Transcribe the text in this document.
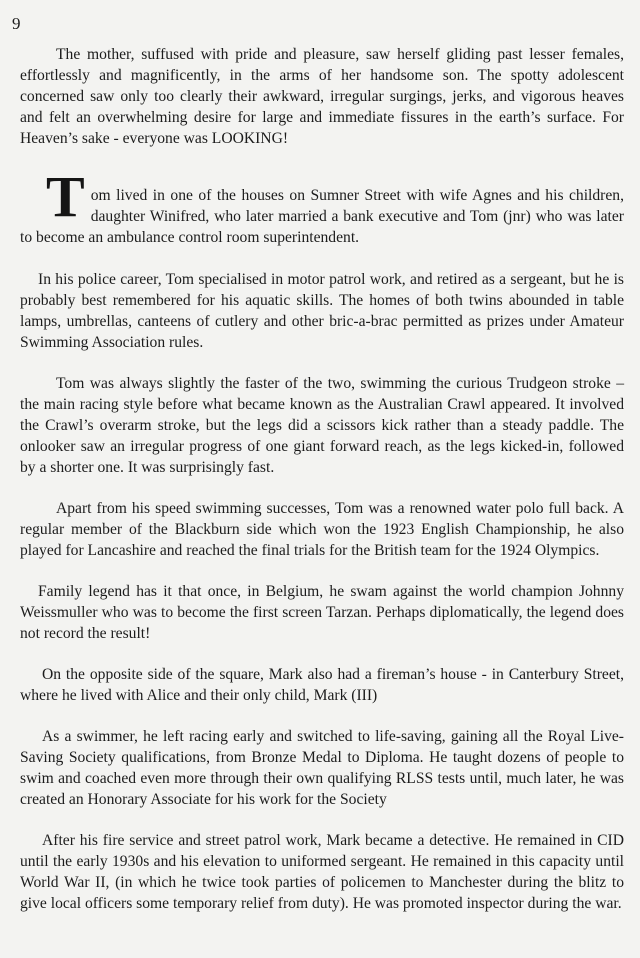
9

The mother, suffused with pride and pleasure, saw herself gliding past lesser females, effortlessly and magnificently, in the arms of her handsome son. The spotty adolescent concerned saw only too clearly their awkward, irregular surgings, jerks, and vigorous heaves and felt an overwhelming desire for large and immediate fissures in the earth’s surface. For Heaven’s sake - everyone was LOOKING!

T om lived in one of the houses on Sumner Street with wife Agnes and his children, daughter Winifred, who later married a bank executive and Tom (jnr) who was later to become an ambulance control room superintendent.

In his police career, Tom specialised in motor patrol work, and retired as a sergeant, but he is probably best remembered for his aquatic skills. The homes of both twins abounded in table lamps, umbrellas, canteens of cutlery and other bric-a-brac permitted as prizes under Amateur Swimming Association rules.

Tom was always slightly the faster of the two, swimming the curious Trudgeon stroke – the main racing style before what became known as the Australian Crawl appeared. It involved the Crawl’s overarm stroke, but the legs did a scissors kick rather than a steady paddle. The onlooker saw an irregular progress of one giant forward reach, as the legs kicked-in, followed by a shorter one. It was surprisingly fast.

Apart from his speed swimming successes, Tom was a renowned water polo full back. A regular member of the Blackburn side which won the 1923 English Championship, he also played for Lancashire and reached the final trials for the British team for the 1924 Olympics.

Family legend has it that once, in Belgium, he swam against the world champion Johnny Weissmuller who was to become the first screen Tarzan. Perhaps diplomatically, the legend does not record the result!

On the opposite side of the square, Mark also had a fireman’s house - in Canterbury Street, where he lived with Alice and their only child, Mark (III)

As a swimmer, he left racing early and switched to life-saving, gaining all the Royal Live-Saving Society qualifications, from Bronze Medal to Diploma. He taught dozens of people to swim and coached even more through their own qualifying RLSS tests until, much later, he was created an Honorary Associate for his work for the Society

After his fire service and street patrol work, Mark became a detective. He remained in CID until the early 1930s and his elevation to uniformed sergeant. He remained in this capacity until World War II, (in which he twice took parties of policemen to Manchester during the blitz to give local officers some temporary relief from duty). He was promoted inspector during the war.
